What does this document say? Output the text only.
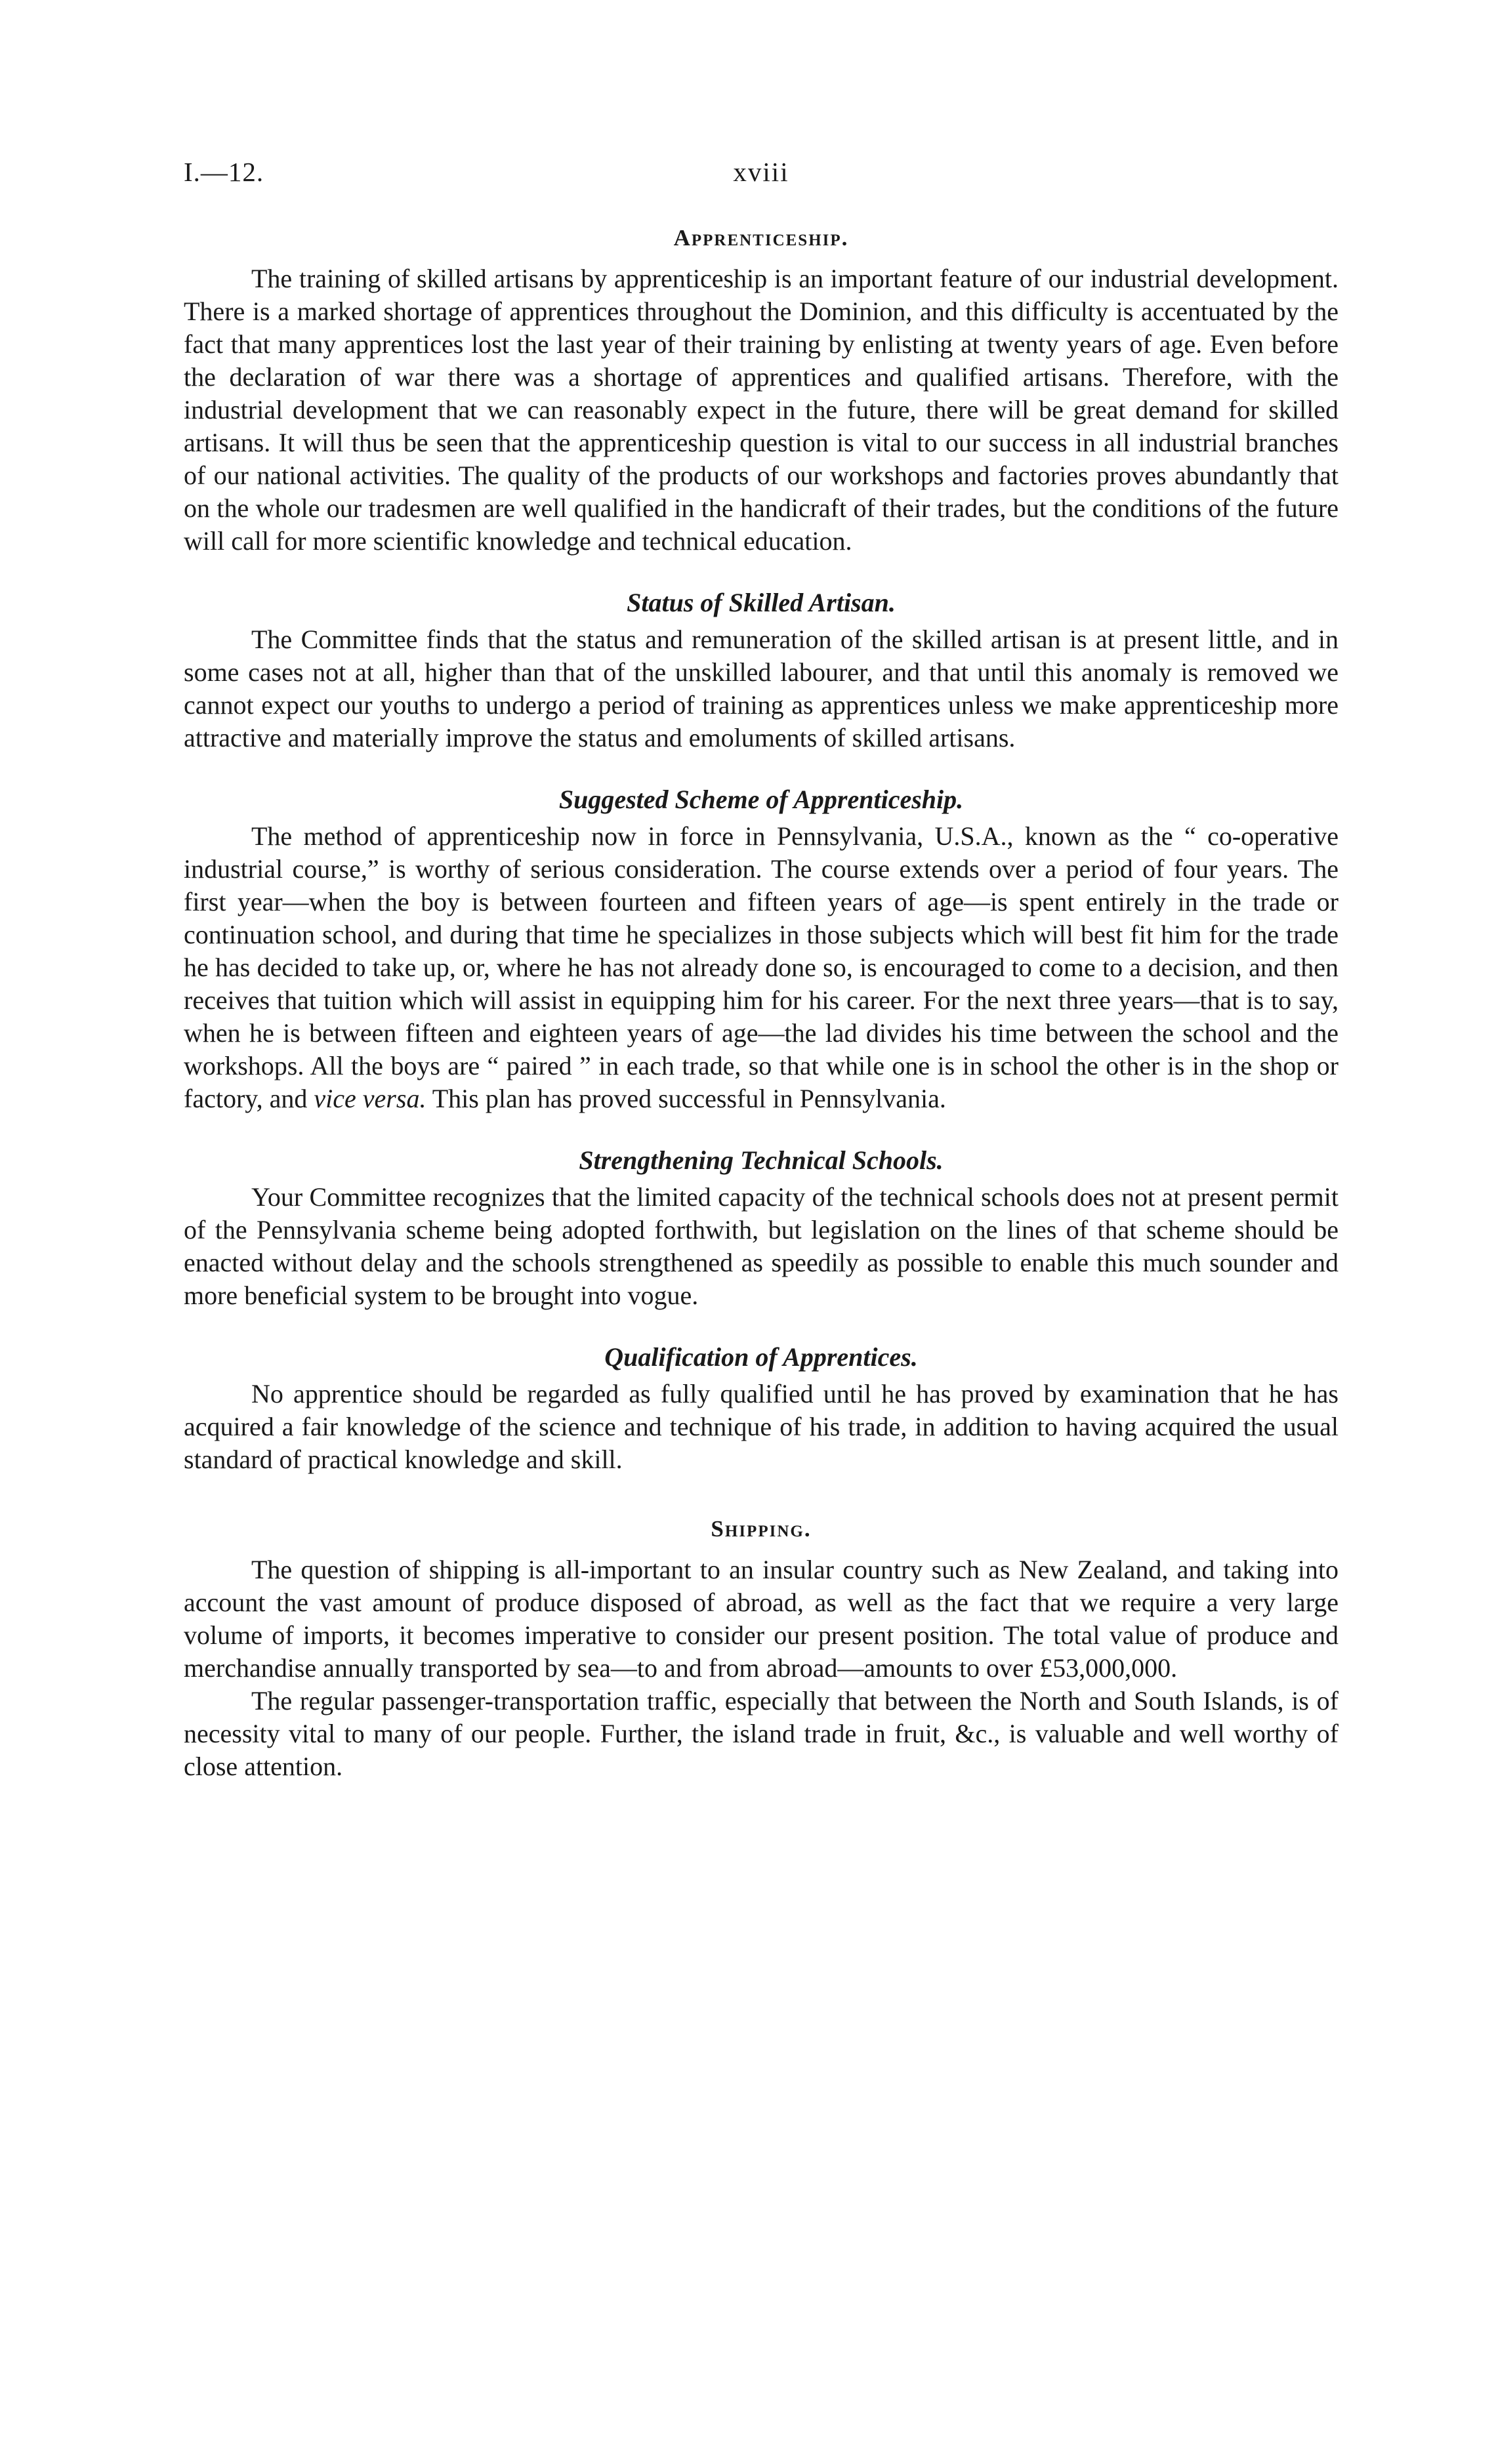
I.—12.	xviii
Apprenticeship.

The training of skilled artisans by apprenticeship is an important feature of our industrial development. There is a marked shortage of apprentices throughout the Dominion, and this difficulty is accentuated by the fact that many apprentices lost the last year of their training by enlisting at twenty years of age. Even before the declaration of war there was a shortage of apprentices and qualified artisans. Therefore, with the industrial development that we can reasonably expect in the future, there will be great demand for skilled artisans. It will thus be seen that the apprenticeship question is vital to our success in all industrial branches of our national activities. The quality of the products of our workshops and factories proves abundantly that on the whole our tradesmen are well qualified in the handicraft of their trades, but the conditions of the future will call for more scientific knowledge and technical education.

Status of Skilled Artisan.

The Committee finds that the status and remuneration of the skilled artisan is at present little, and in some cases not at all, higher than that of the unskilled labourer, and that until this anomaly is removed we cannot expect our youths to undergo a period of training as apprentices unless we make apprenticeship more attractive and materially improve the status and emoluments of skilled artisans.

Suggested Scheme of Apprenticeship.

The method of apprenticeship now in force in Pennsylvania, U.S.A., known as the “ co-operative industrial course,” is worthy of serious consideration. The course extends over a period of four years. The first year—when the boy is between fourteen and fifteen years of age—is spent entirely in the trade or continuation school, and during that time he specializes in those subjects which will best fit him for the trade he has decided to take up, or, where he has not already done so, is encouraged to come to a decision, and then receives that tuition which will assist in equipping him for his career. For the next three years—that is to say, when he is between fifteen and eighteen years of age—the lad divides his time between the school and the workshops. All the boys are “ paired ” in each trade, so that while one is in school the other is in the shop or factory, and vice versa. This plan has proved successful in Pennsylvania.

Strengthening Technical Schools.

Your Committee recognizes that the limited capacity of the technical schools does not at present permit of the Pennsylvania scheme being adopted forthwith, but legislation on the lines of that scheme should be enacted without delay and the schools strengthened as speedily as possible to enable this much sounder and more beneficial system to be brought into vogue.

Qualification of Apprentices.

No apprentice should be regarded as fully qualified until he has proved by examination that he has acquired a fair knowledge of the science and technique of his trade, in addition to having acquired the usual standard of practical knowledge and skill.

Shipping.

The question of shipping is all-important to an insular country such as New Zealand, and taking into account the vast amount of produce disposed of abroad, as well as the fact that we require a very large volume of imports, it becomes imperative to consider our present position. The total value of produce and merchandise annually transported by sea—to and from abroad—amounts to over £53,000,000.

The regular passenger-transportation traffic, especially that between the North and South Islands, is of necessity vital to many of our people. Further, the island trade in fruit, &c., is valuable and well worthy of close attention.
